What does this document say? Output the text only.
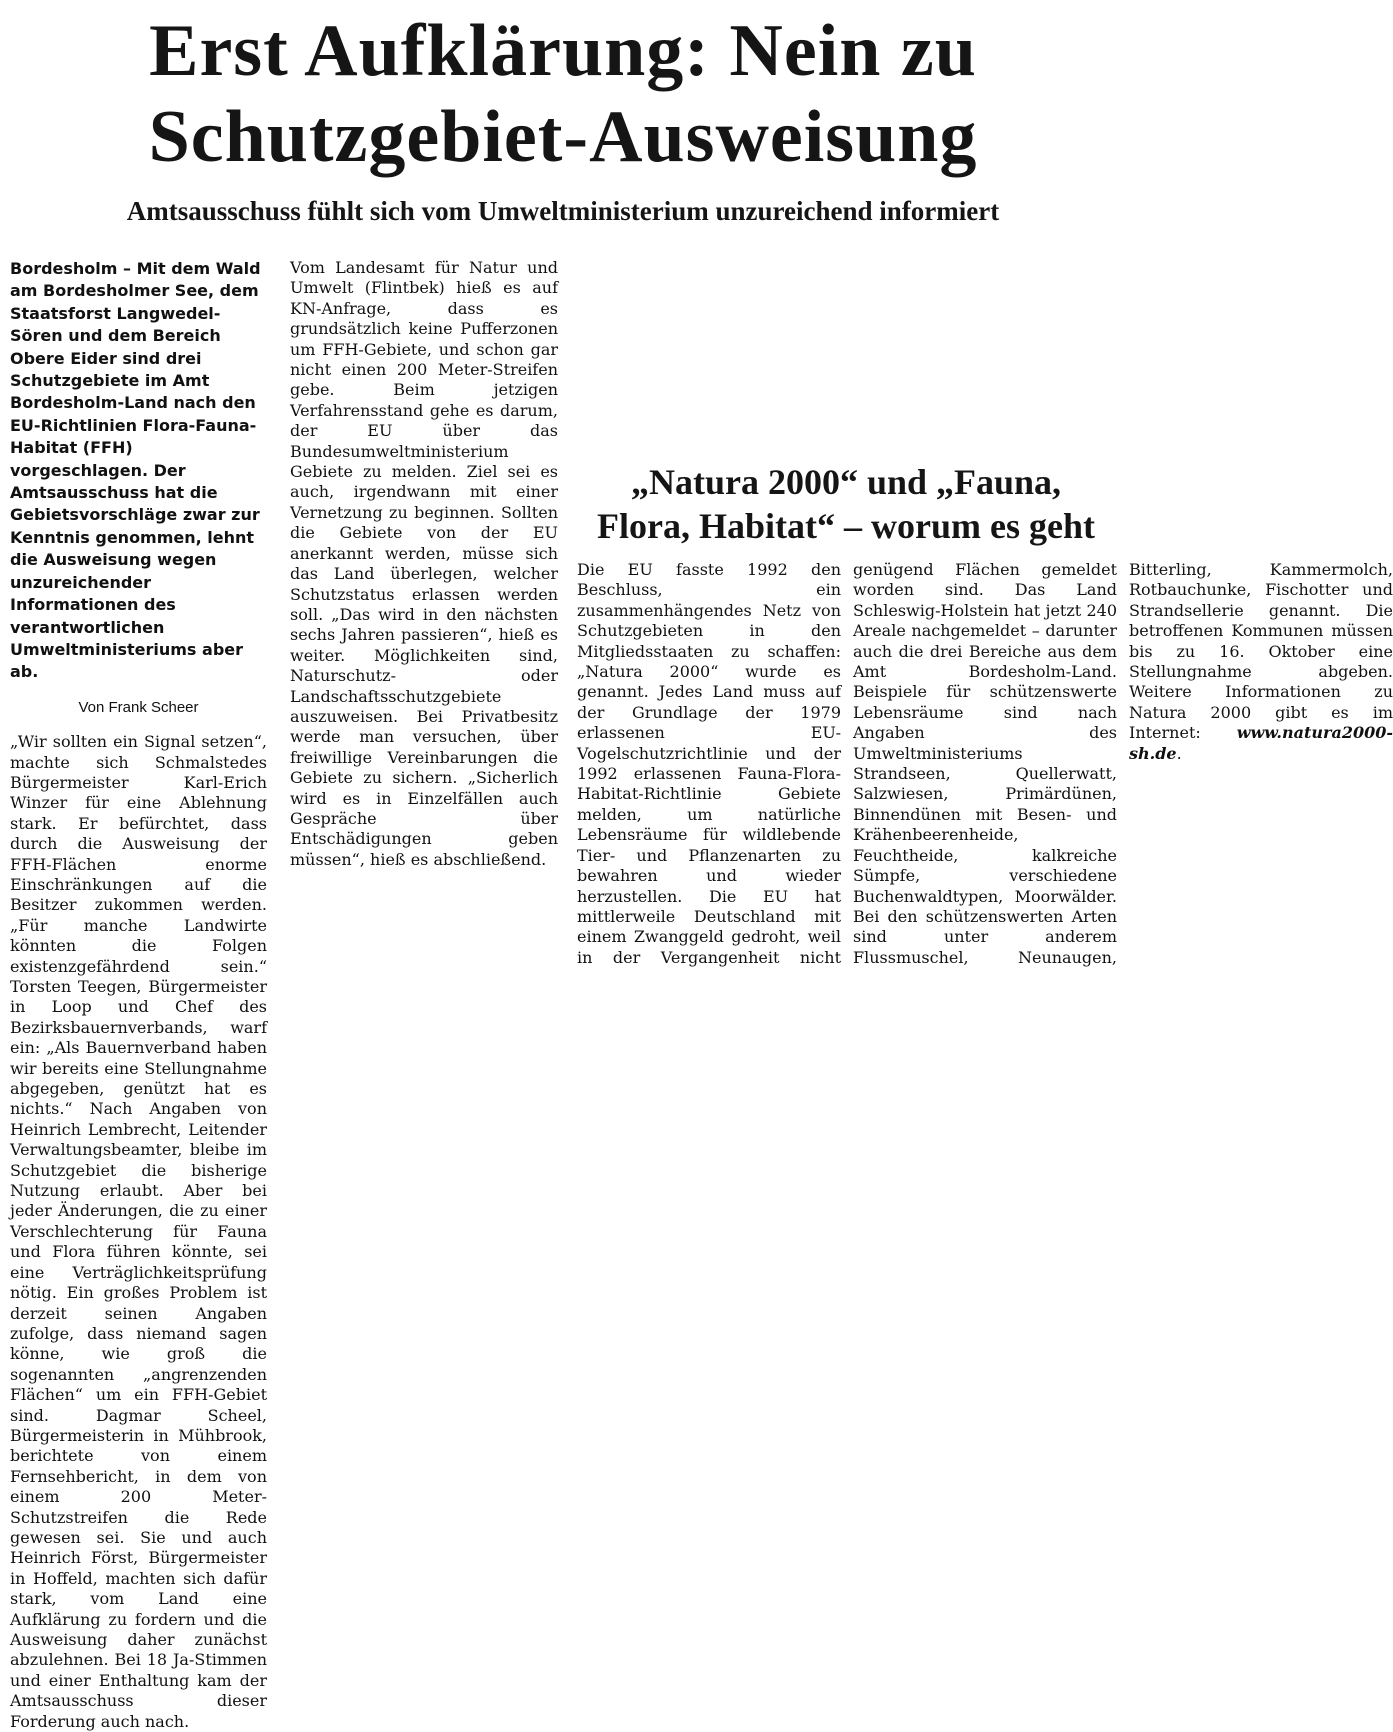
Erst Aufklärung: Nein zu
Schutzgebiet-Ausweisung
Amtsausschuss fühlt sich vom Umweltministerium unzureichend informiert

Bordesholm – Mit dem Wald am Bordesholmer See, dem Staatsforst Langwedel-Sören und dem Bereich Obere Eider sind drei Schutzgebiete im Amt Bordesholm-Land nach den EU-Richtlinien Flora-Fauna-Habitat (FFH) vorgeschlagen. Der Amtsausschuss hat die Gebietsvorschläge zwar zur Kenntnis genommen, lehnt die Ausweisung wegen unzureichender Informationen des verantwortlichen Umweltministeriums aber ab.

Von Frank Scheer

„Wir sollten ein Signal setzen“, machte sich Schmalstedes Bürgermeister Karl-Erich Winzer für eine Ablehnung stark. Er befürchtet, dass durch die Ausweisung der FFH-Flächen enorme Einschränkungen auf die Besitzer zukommen werden. „Für manche Landwirte könnten die Folgen existenzgefährdend sein.“ Torsten Teegen, Bürgermeister in Loop und Chef des Bezirksbauernverbands, warf ein: „Als Bauernverband haben wir bereits eine Stellungnahme abgegeben, genützt hat es nichts.“ Nach Angaben von Heinrich Lembrecht, Leitender Verwaltungsbeamter, bleibe im Schutzgebiet die bisherige Nutzung erlaubt. Aber bei jeder Änderungen, die zu einer Verschlechterung für Fauna und Flora führen könnte, sei eine Verträglichkeitsprüfung nötig. Ein großes Problem ist derzeit seinen Angaben zufolge, dass niemand sagen könne, wie groß die sogenannten „angrenzenden Flächen“ um ein FFH-Gebiet sind. Dagmar Scheel, Bürgermeisterin in Mühbrook, berichtete von einem Fernsehbericht, in dem von einem 200 Meter-Schutzstreifen die Rede gewesen sei. Sie und auch Heinrich Först, Bürgermeister in Hoffeld, machten sich dafür stark, vom Land eine Aufklärung zu fordern und die Ausweisung daher zunächst abzulehnen. Bei 18 Ja-Stimmen und einer Enthaltung kam der Amtsausschuss dieser Forderung auch nach.

Vom Landesamt für Natur und Umwelt (Flintbek) hieß es auf KN-Anfrage, dass es grundsätzlich keine Pufferzonen um FFH-Gebiete, und schon gar nicht einen 200 Meter-Streifen gebe. Beim jetzigen Verfahrensstand gehe es darum, der EU über das Bundesumweltministerium Gebiete zu melden. Ziel sei es auch, irgendwann mit einer Vernetzung zu beginnen. Sollten die Gebiete von der EU anerkannt werden, müsse sich das Land überlegen, welcher Schutzstatus erlassen werden soll. „Das wird in den nächsten sechs Jahren passieren“, hieß es weiter. Möglichkeiten sind, Naturschutz- oder Landschaftsschutzgebiete auszuweisen. Bei Privatbesitz werde man versuchen, über freiwillige Vereinbarungen die Gebiete zu sichern. „Sicherlich wird es in Einzelfällen auch Gespräche über Entschädigungen geben müssen“, hieß es abschließend.

„Natura 2000“ und „Fauna,
Flora, Habitat“ – worum es geht

Die EU fasste 1992 den Beschluss, ein zusammenhängendes Netz von Schutzgebieten in den Mitgliedsstaaten zu schaffen: „Natura 2000“ wurde es genannt. Jedes Land muss auf der Grundlage der 1979 erlassenen EU-Vogelschutzrichtlinie und der 1992 erlassenen Fauna-Flora-Habitat-Richtlinie Gebiete melden, um natürliche Lebensräume für wildlebende Tier- und Pflanzenarten zu bewahren und wieder herzustellen. Die EU hat mittlerweile Deutschland mit einem Zwanggeld gedroht, weil in der Vergangenheit nicht genügend Flächen gemeldet worden sind. Das Land Schleswig-Holstein hat jetzt 240 Areale nachgemeldet – darunter auch die drei Bereiche aus dem Amt Bordesholm-Land. Beispiele für schützenswerte Lebensräume sind nach Angaben des Umweltministeriums Strandseen, Quellerwatt, Salzwiesen, Primärdünen, Binnendünen mit Besen- und Krähenbeerenheide, Feuchtheide, kalkreiche Sümpfe, verschiedene Buchenwaldtypen, Moorwälder. Bei den schützenswerten Arten sind unter anderem Flussmuschel, Neunaugen, Bitterling, Kammermolch, Rotbauchunke, Fischotter und Strandsellerie genannt. Die betroffenen Kommunen müssen bis zu 16. Oktober eine Stellungnahme abgeben. Weitere Informationen zu Natura 2000 gibt es im Internet: www.natura2000-sh.de.
